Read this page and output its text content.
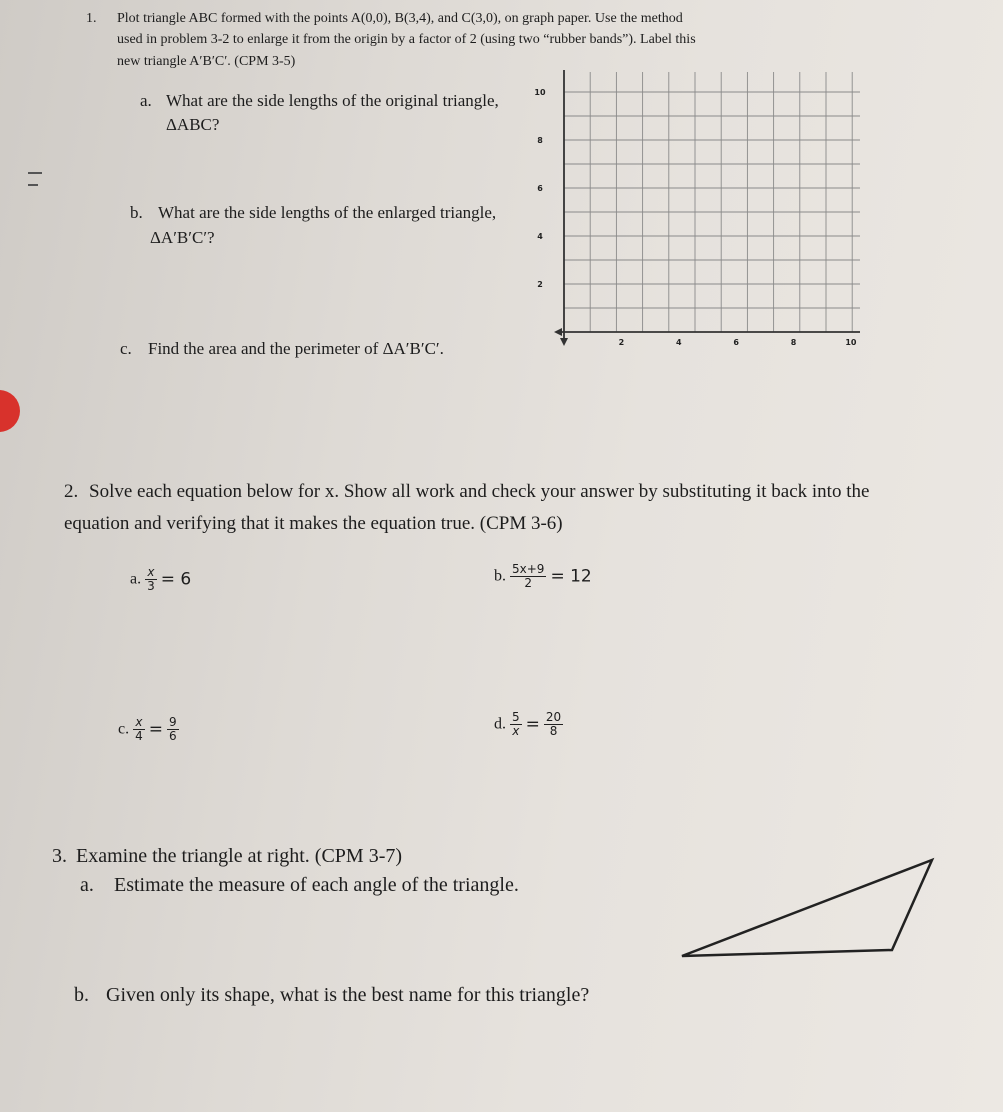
1. Plot triangle ABC formed with the points A(0,0), B(3,4), and C(3,0), on graph paper. Use the method
used in problem 3-2 to enlarge it from the origin by a factor of 2 (using two “rubber bands”). Label this
new triangle A′B′C′. (CPM 3-5)
a. What are the side lengths of the original triangle,
ΔABC?
b. What are the side lengths of the enlarged triangle,
ΔA′B′C′?
c. Find the area and the perimeter of ΔA′B′C′.	2	4	6	8	10
2
4
6
8
10
2. Solve each equation below for x. Show all work and check your answer by substituting it back into the
equation and verifying that it makes the equation true. (CPM 3-6)
a. $\frac{x}{3} = 6$	b. $\frac{5x+9}{2} = 12$
c. $\frac{x}{4} = \frac{9}{6}$	d. $\frac{5}{x} = \frac{20}{8}$
3. Examine the triangle at right. (CPM 3-7)
a. Estimate the measure of each angle of the triangle.
b. Given only its shape, what is the best name for this triangle?
